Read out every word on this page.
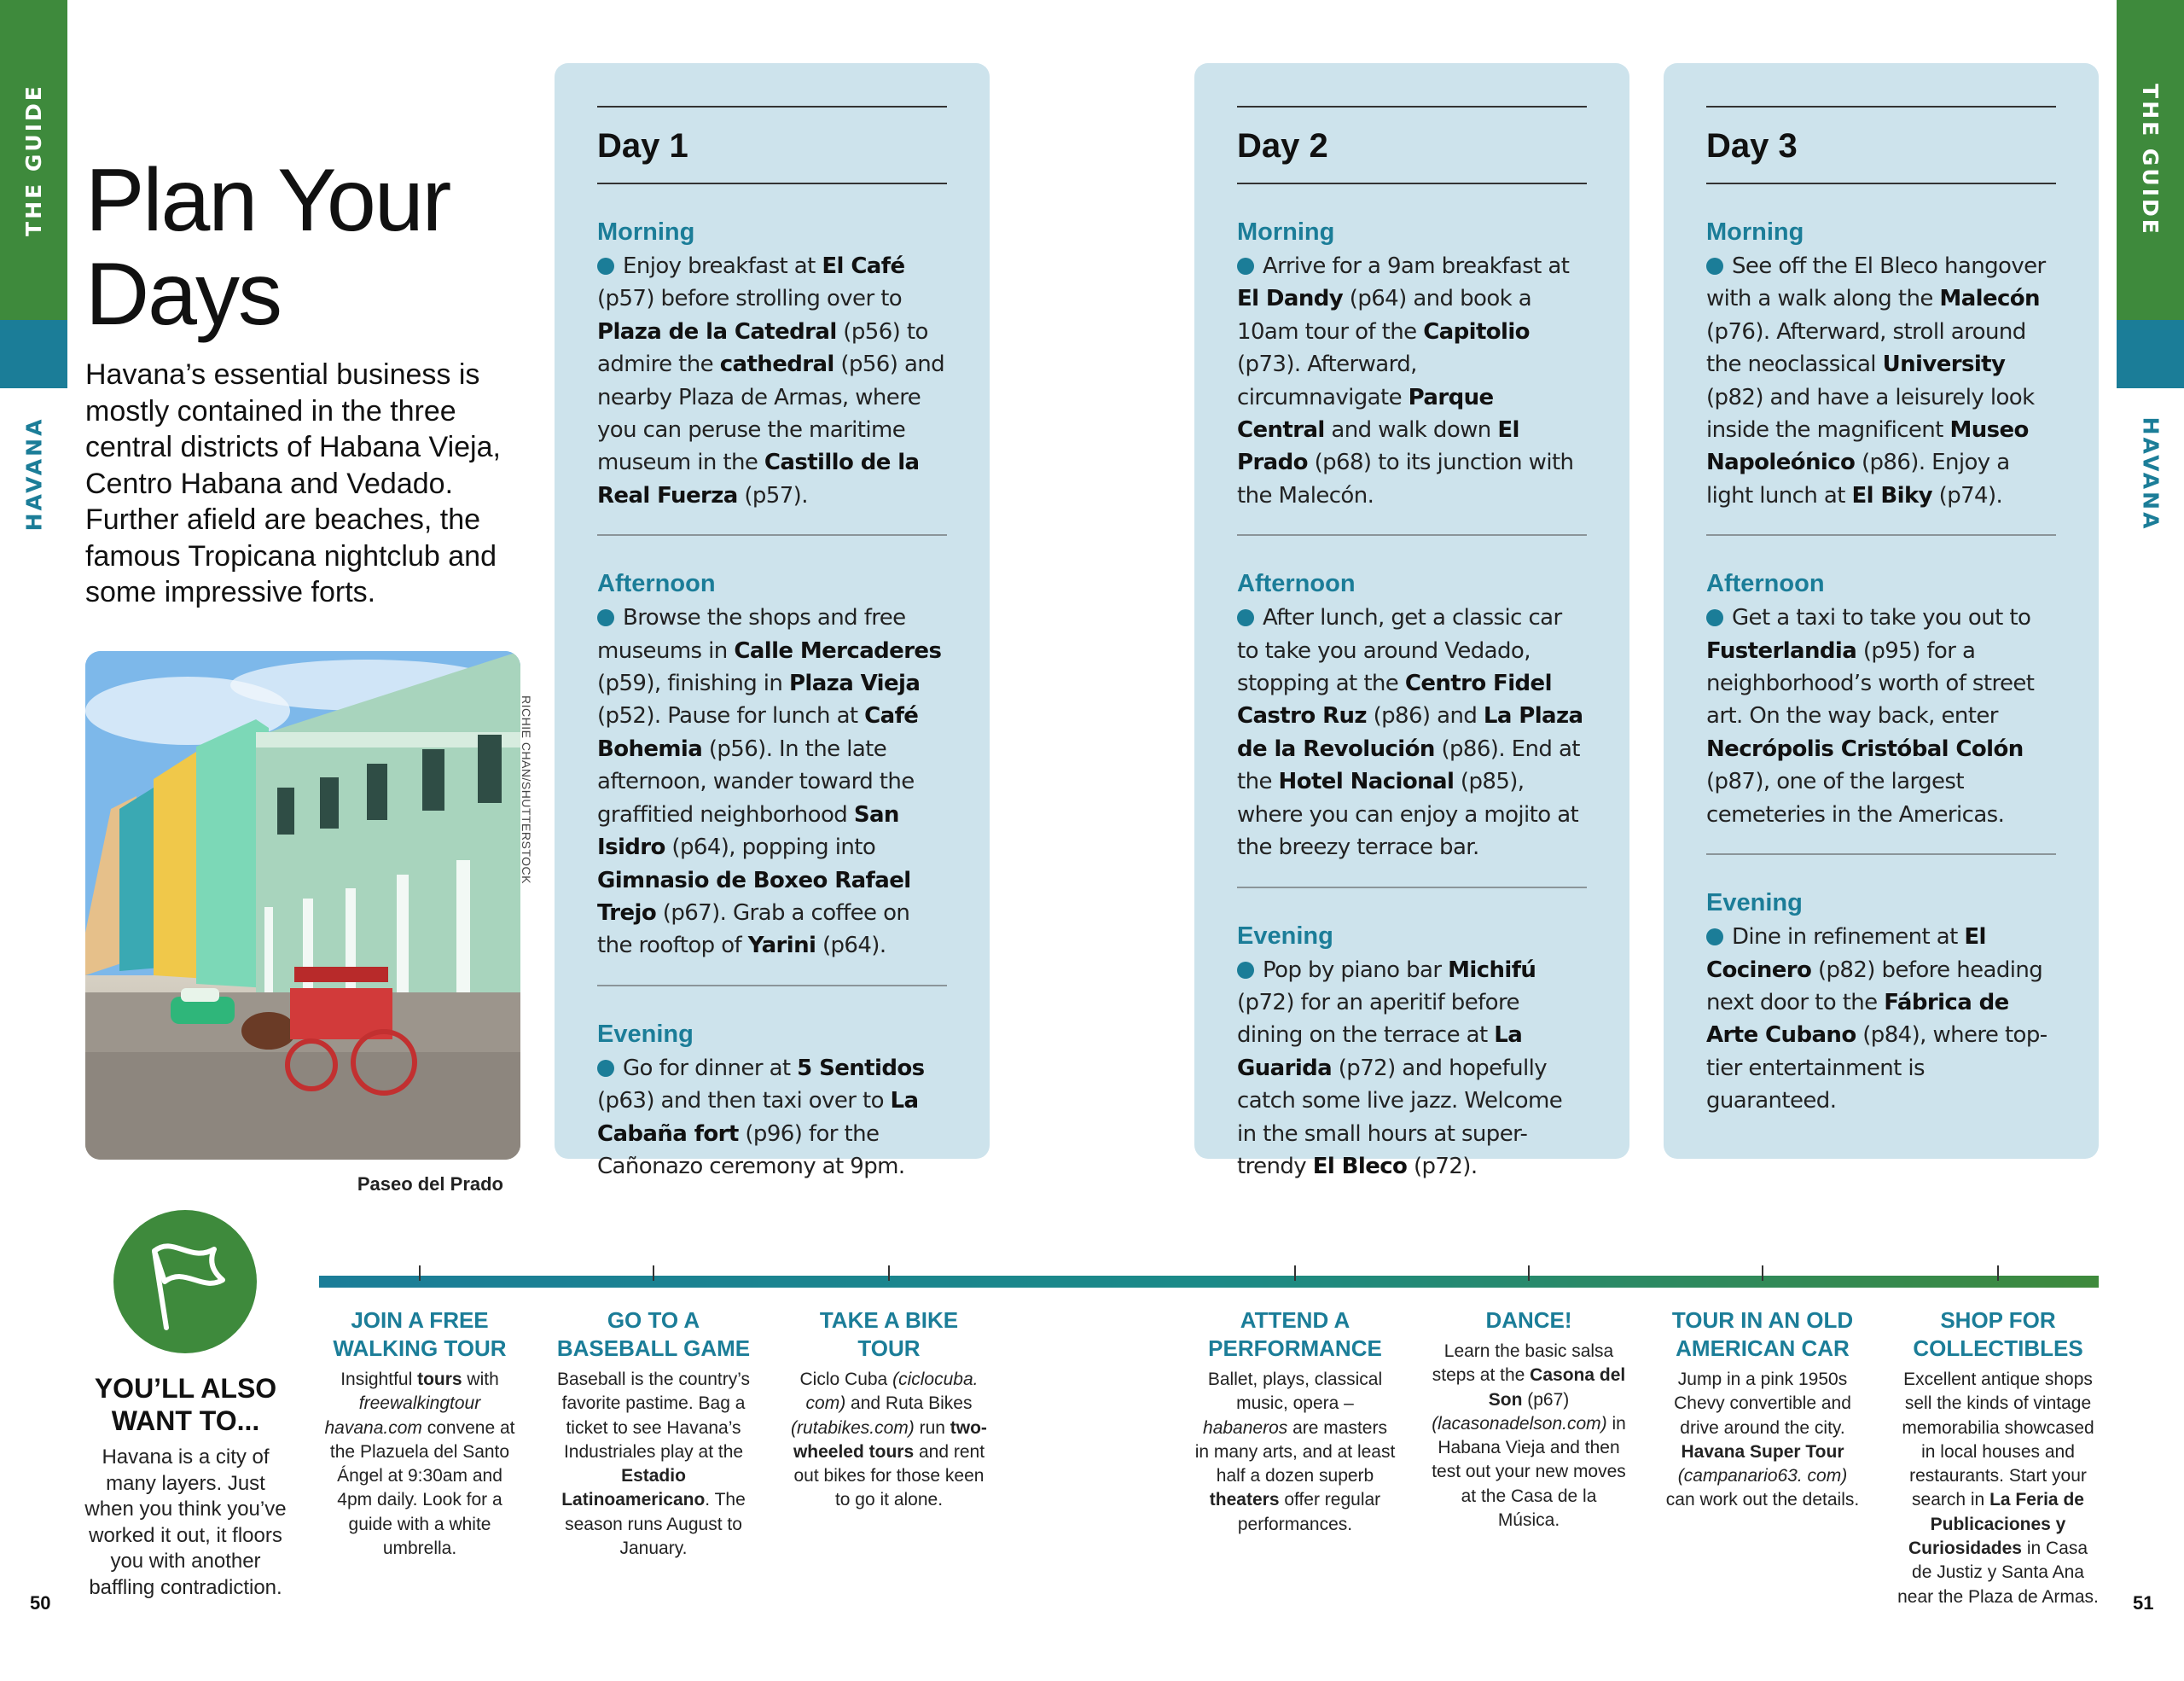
THE GUIDE
HAVANA
THE GUIDE
HAVANA
Plan Your
Days

Havana’s essential business is mostly contained in the three central districts of Habana Vieja, Centro Habana and Vedado. Further afield are beaches, the famous Tropicana nightclub and some impressive forts.

RICHIE CHAN/SHUTTERSTOCK
Paseo del Prado
Day 1
Morning

Enjoy breakfast at El Café (p57) before strolling over to Plaza de la Catedral (p56) to admire the cathedral (p56) and nearby Plaza de Armas, where you can peruse the maritime museum in the Castillo de la Real Fuerza (p57).

Afternoon

Browse the shops and free museums in Calle Mercaderes (p59), finishing in Plaza Vieja (p52). Pause for lunch at Café Bohemia (p56). In the late afternoon, wander toward the graffitied neighborhood San Isidro (p64), popping into Gimnasio de Boxeo Rafael Trejo (p67). Grab a coffee on the rooftop of Yarini (p64).

Evening

Go for dinner at 5 Sentidos (p63) and then taxi over to La Cabaña fort (p96) for the Cañonazo ceremony at 9pm.

Day 2
Morning

Arrive for a 9am breakfast at El Dandy (p64) and book a 10am tour of the Capitolio (p73). Afterward, circumnavigate Parque Central and walk down El Prado (p68) to its junction with the Malecón.

Afternoon

After lunch, get a classic car to take you around Vedado, stopping at the Centro Fidel Castro Ruz (p86) and La Plaza de la Revolución (p86). End at the Hotel Nacional (p85), where you can enjoy a mojito at the breezy terrace bar.

Evening

Pop by piano bar Michifú (p72) for an aperitif before dining on the terrace at La Guarida (p72) and hopefully catch some live jazz. Welcome in the small hours at super-trendy El Bleco (p72).

Day 3
Morning

See off the El Bleco hangover with a walk along the Malecón (p76). Afterward, stroll around the neoclassical University (p82) and have a leisurely look inside the magnificent Museo Napoleónico (p86). Enjoy a light lunch at El Biky (p74).

Afternoon

Get a taxi to take you out to Fusterlandia (p95) for a neighborhood’s worth of street art. On the way back, enter Necrópolis Cristóbal Colón (p87), one of the largest cemeteries in the Americas.

Evening

Dine in refinement at El Cocinero (p82) before heading next door to the Fábrica de Arte Cubano (p84), where top-tier entertainment is guaranteed.

YOU’LL ALSO
WANT TO...

Havana is a city of many layers. Just when you think you’ve worked it out, it floors you with another baffling contradiction.

50	51
JOIN A FREE WALKING TOUR

Insightful tours with freewalkingtour havana.com convene at the Plazuela del Santo Ángel at 9:30am and 4pm daily. Look for a guide with a white umbrella.

GO TO A BASEBALL GAME

Baseball is the country’s favorite pastime. Bag a ticket to see Havana’s Industriales play at the Estadio Latinoamericano. The season runs August to January.

TAKE A BIKE TOUR

Ciclo Cuba (ciclocuba. com) and Ruta Bikes (rutabikes.com) run two-wheeled tours and rent out bikes for those keen to go it alone.

ATTEND A PERFORMANCE

Ballet, plays, classical music, opera – habaneros are masters in many arts, and at least half a dozen superb theaters offer regular performances.

DANCE!

Learn the basic salsa steps at the Casona del Son (p67) (lacasonadelson.com) in Habana Vieja and then test out your new moves at the Casa de la Música.

TOUR IN AN OLD AMERICAN CAR

Jump in a pink 1950s Chevy convertible and drive around the city. Havana Super Tour (campanario63. com) can work out the details.

SHOP FOR COLLECTIBLES

Excellent antique shops sell the kinds of vintage memorabilia showcased in local houses and restaurants. Start your search in La Feria de Publicaciones y Curiosidades in Casa de Justiz y Santa Ana near the Plaza de Armas.
